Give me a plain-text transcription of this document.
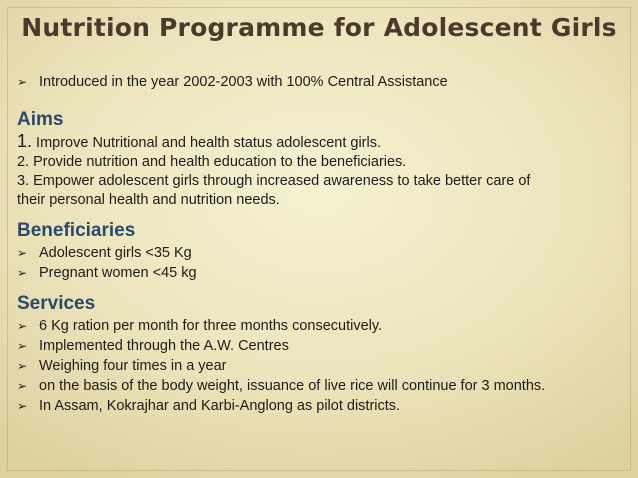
Nutrition Programme for Adolescent Girls
➢ Introduced in the year 2002-2003 with 100% Central Assistance
Aims
1. Improve Nutritional and health status adolescent girls.
2. Provide nutrition and health education to the beneficiaries.
3. Empower adolescent girls through increased awareness to take better care of
their personal health and nutrition needs.
Beneficiaries
➢ Adolescent girls <35 Kg
➢ Pregnant women <45 kg
Services
➢ 6 Kg ration per month for three months consecutively.
➢ Implemented through the A.W. Centres
➢ Weighing four times in a year
➢ on the basis of the body weight, issuance of live rice will continue for 3 months.
➢ In Assam, Kokrajhar and Karbi-Anglong as pilot districts.
